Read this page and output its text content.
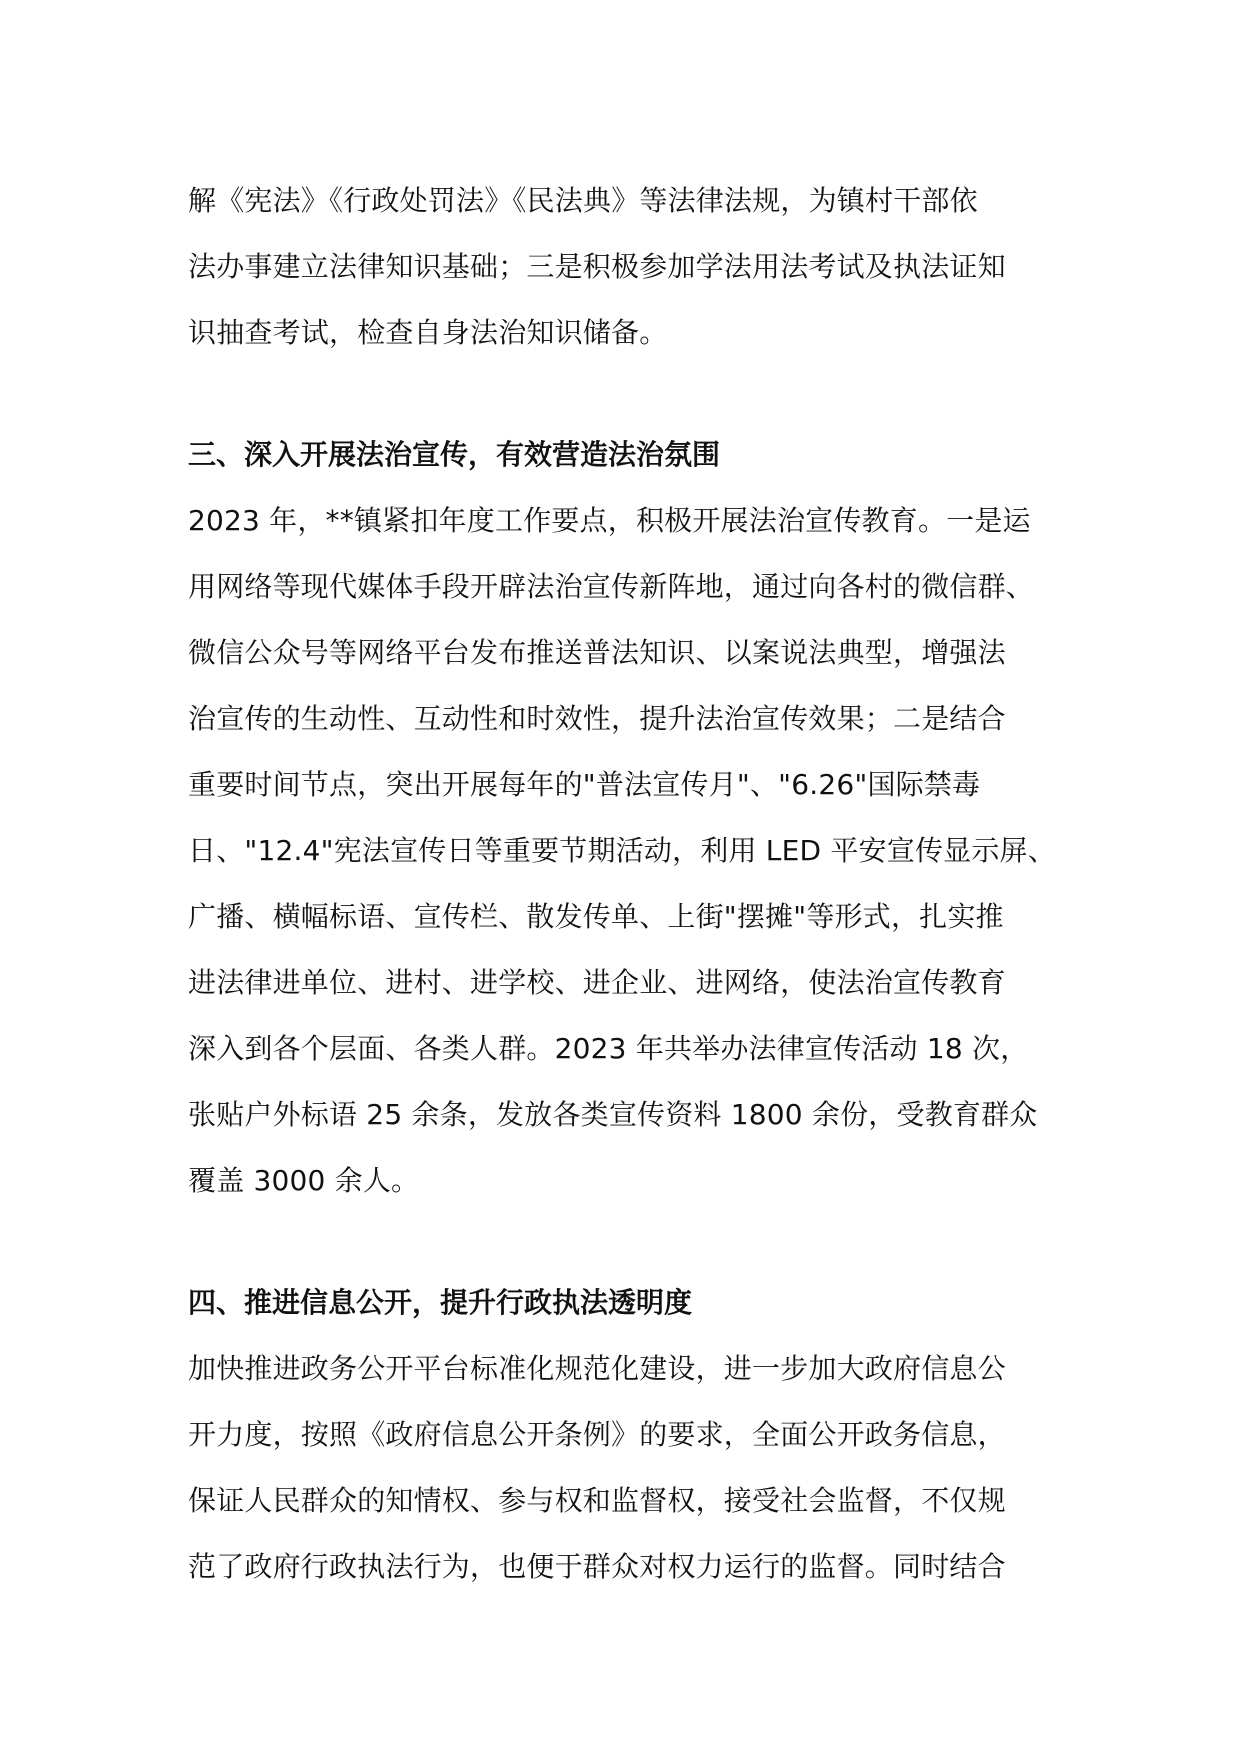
解《宪法》《行政处罚法》《民法典》等法律法规，为镇村干部依
法办事建立法律知识基础；三是积极参加学法用法考试及执法证知
识抽查考试，检查自身法治知识储备。
三、深入开展法治宣传，有效营造法治氛围
2023 年，**镇紧扣年度工作要点，积极开展法治宣传教育。一是运
用网络等现代媒体手段开辟法治宣传新阵地，通过向各村的微信群、
微信公众号等网络平台发布推送普法知识、以案说法典型，增强法
治宣传的生动性、互动性和时效性，提升法治宣传效果；二是结合
重要时间节点，突出开展每年的"普法宣传月"、"6.26"国际禁毒
日、"12.4"宪法宣传日等重要节期活动，利用 LED 平安宣传显示屏、
广播、横幅标语、宣传栏、散发传单、上街"摆摊"等形式，扎实推
进法律进单位、进村、进学校、进企业、进网络，使法治宣传教育
深入到各个层面、各类人群。2023 年共举办法律宣传活动 18 次，
张贴户外标语 25 余条，发放各类宣传资料 1800 余份，受教育群众
覆盖 3000 余人。
四、推进信息公开，提升行政执法透明度
加快推进政务公开平台标准化规范化建设，进一步加大政府信息公
开力度，按照《政府信息公开条例》的要求，全面公开政务信息，
保证人民群众的知情权、参与权和监督权，接受社会监督，不仅规
范了政府行政执法行为，也便于群众对权力运行的监督。同时结合
